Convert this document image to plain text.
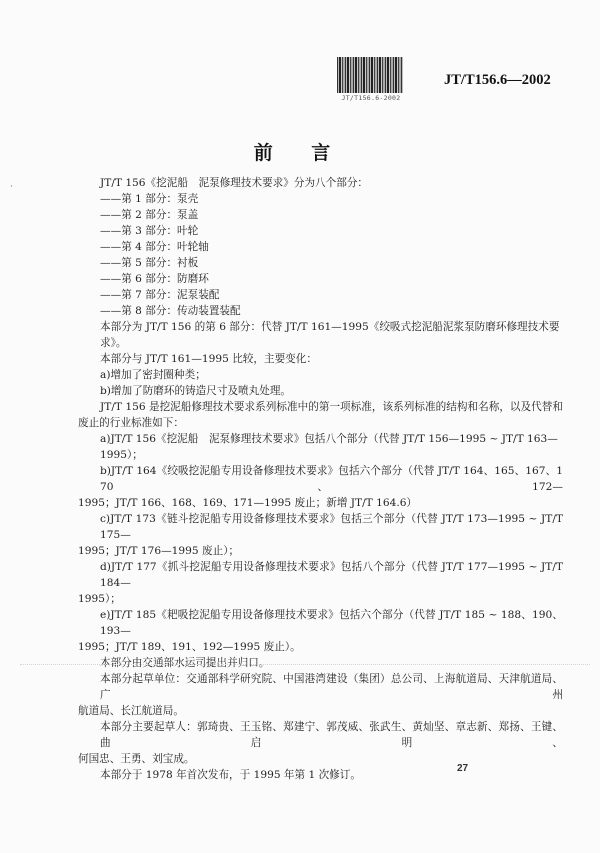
JT/T156.6-2002
JT/T156.6—2002
·
前 言
JT/T 156《挖泥船　泥泵修理技术要求》分为八个部分：
——第 1 部分：泵壳
——第 2 部分：泵盖
——第 3 部分：叶轮
——第 4 部分：叶轮轴
——第 5 部分：衬板
——第 6 部分：防磨环
——第 7 部分：泥泵装配
——第 8 部分：传动装置装配
本部分为 JT/T 156 的第 6 部分：代替 JT/T 161—1995《绞吸式挖泥船泥浆泵防磨环修理技术要求》。
本部分与 JT/T 161—1995 比较，主要变化：
a)增加了密封圈种类；
b)增加了防磨环的铸造尺寸及喷丸处理。
JT/T 156 是挖泥船修理技术要求系列标准中的第一项标准，该系列标准的结构和名称，以及代替和
废止的行业标准如下：
a)JT/T 156《挖泥船　泥泵修理技术要求》包括八个部分（代替 JT/T 156—1995 ~ JT/T 163—1995）；
b)JT/T 164《绞吸挖泥船专用设备修理技术要求》包括六个部分（代替 JT/T 164、165、167、170、172—
1995；JT/T 166、168、169、171—1995 废止；新增 JT/T 164.6）
c)JT/T 173《链斗挖泥船专用设备修理技术要求》包括三个部分（代替 JT/T 173—1995 ~ JT/T 175—
1995；JT/T 176—1995 废止）；
d)JT/T 177《抓斗挖泥船专用设备修理技术要求》包括八个部分（代替 JT/T 177—1995 ~ JT/T 184—
1995）；
e)JT/T 185《耙吸挖泥船专用设备修理技术要求》包括六个部分（代替 JT/T 185 ~ 188、190、193—
1995；JT/T 189、191、192—1995 废止）。
本部分由交通部水运司提出并归口。
本部分起草单位：交通部科学研究院、中国港湾建设（集团）总公司、上海航道局、天津航道局、广州
航道局、长江航道局。
本部分主要起草人：郭琦贵、王玉铭、郑建宁、郭茂威、张武生、黄灿坚、章志新、郑扬、王键、曲启明、
何国忠、王勇、刘宝成。
本部分于 1978 年首次发布，于 1995 年第 1 次修订。
27
